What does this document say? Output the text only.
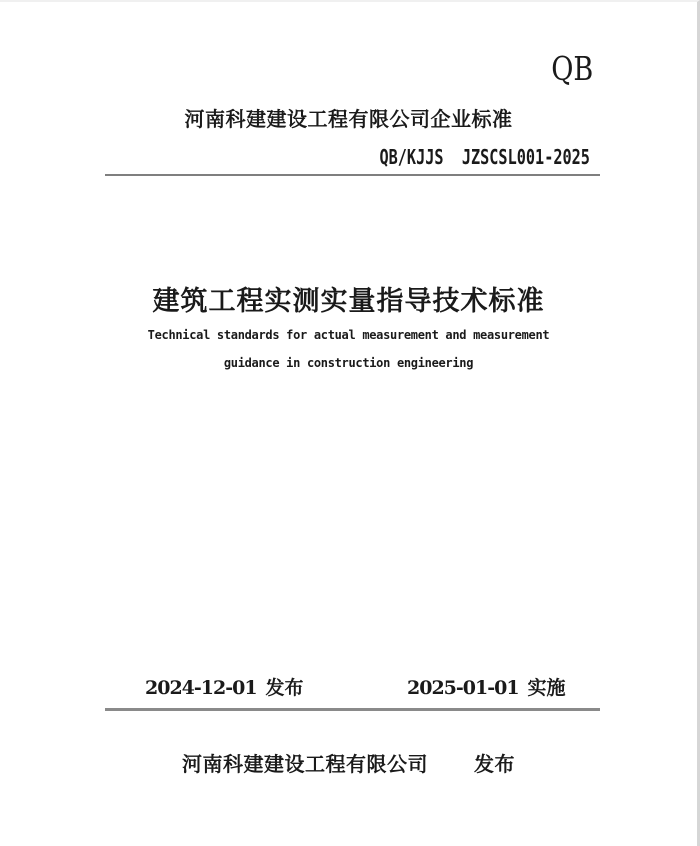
QB
河南科建建设工程有限公司企业标准
QB/KJJS  JZSCSL001-2025
建筑工程实测实量指导技术标准
Technical standards for actual measurement and measurement
guidance in construction engineering
2024-12-01 发布	2025-01-01 实施
河南科建建设工程有限公司 发布
